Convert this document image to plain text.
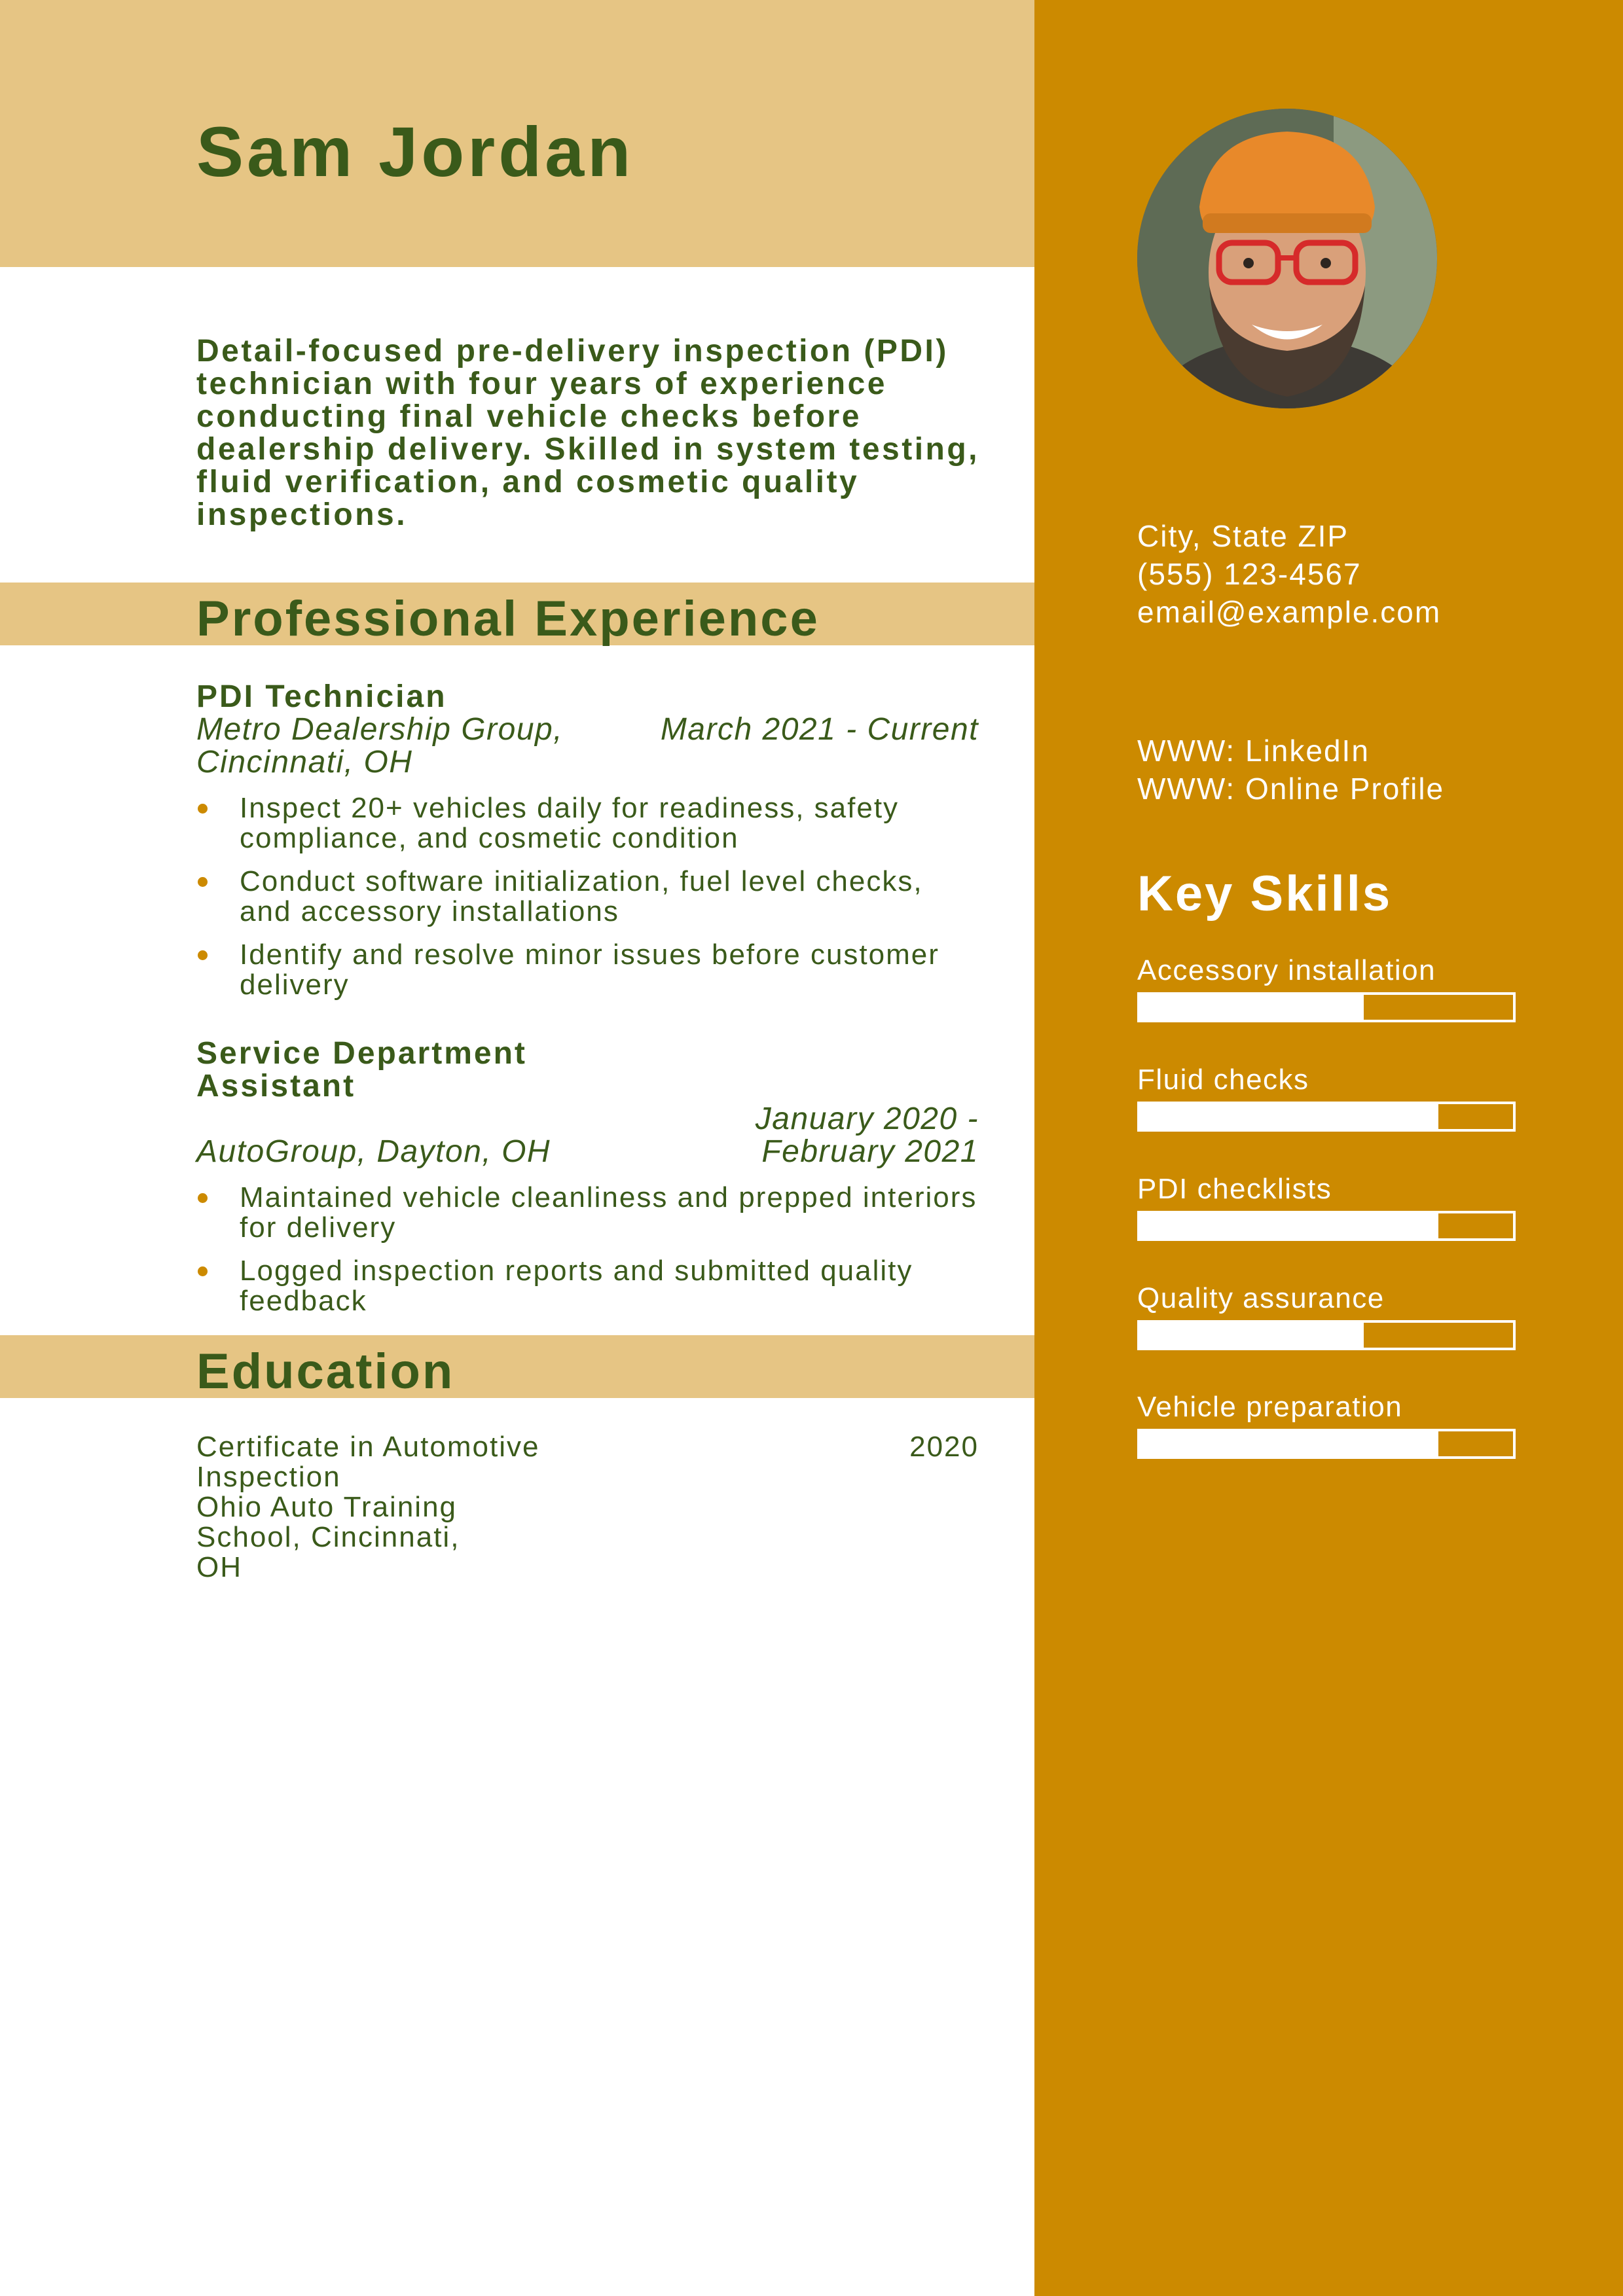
Sam Jordan
Detail-focused pre-delivery inspection (PDI) technician with four years of experience conducting final vehicle checks before dealership delivery. Skilled in system testing, fluid verification, and cosmetic quality inspections.
Professional Experience
PDI Technician
Metro Dealership Group, Cincinnati, OH
March 2021 - Current
Inspect 20+ vehicles daily for readiness, safety compliance, and cosmetic condition
Conduct software initialization, fuel level checks, and accessory installations
Identify and resolve minor issues before customer delivery
Service Department Assistant
AutoGroup, Dayton, OH
January 2020 - February 2021
Maintained vehicle cleanliness and prepped interiors for delivery
Logged inspection reports and submitted quality feedback
Education
Certificate in Automotive Inspection
Ohio Auto Training School, Cincinnati, OH
2020
City, State ZIP
(555) 123-4567
email@example.com
WWW: LinkedIn
WWW: Online Profile
Key Skills
Accessory installation
Fluid checks
PDI checklists
Quality assurance
Vehicle preparation
